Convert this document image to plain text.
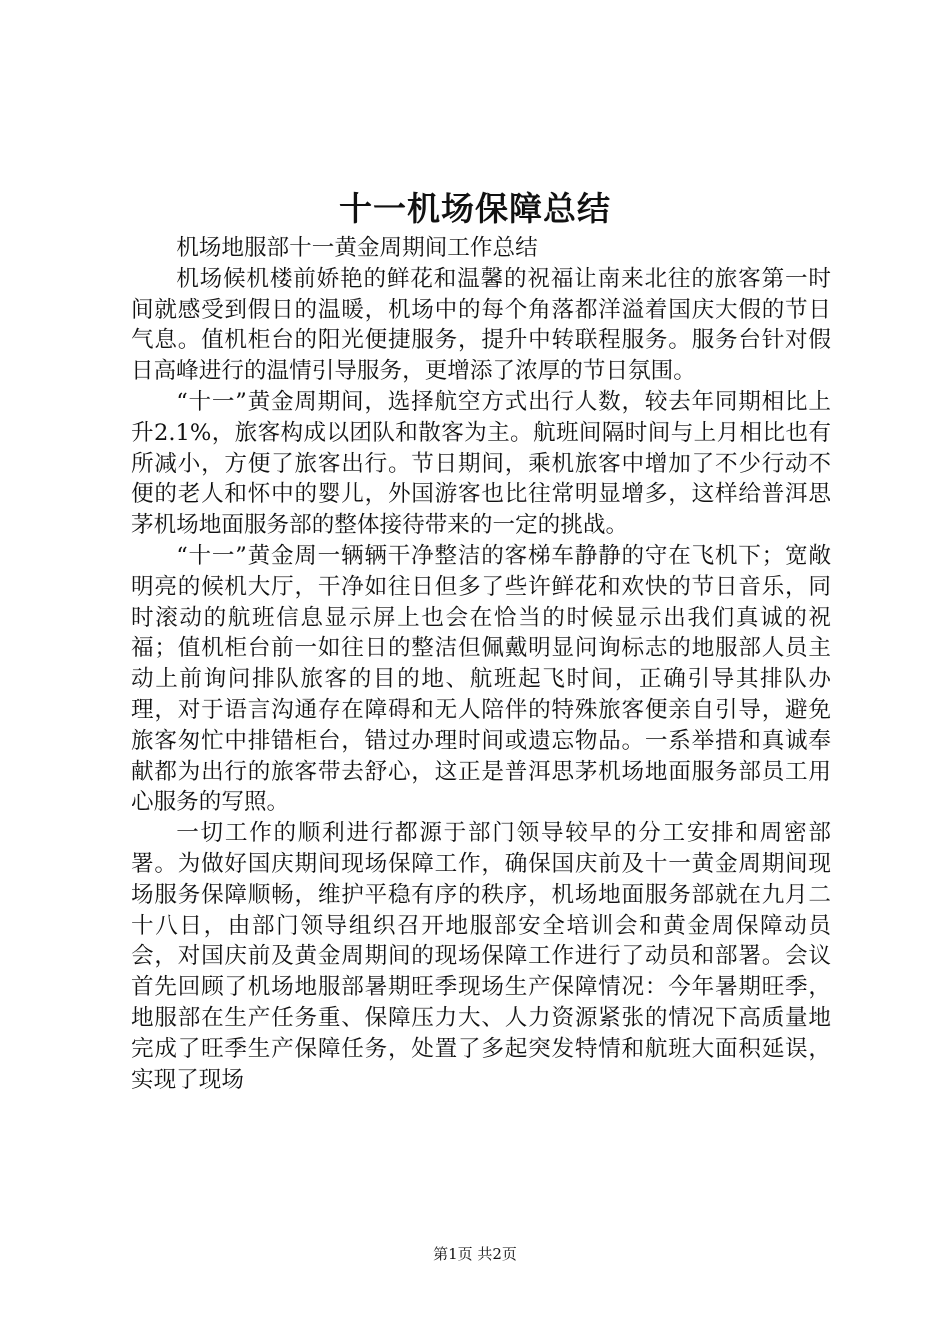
十一机场保障总结

机场地服部十一黄金周期间工作总结

机场候机楼前娇艳的鲜花和温馨的祝福让南来北往的旅客第一时间就感受到假日的温暖，机场中的每个角落都洋溢着国庆大假的节日气息。值机柜台的阳光便捷服务，提升中转联程服务。服务台针对假日高峰进行的温情引导服务，更增添了浓厚的节日氛围。

“十一”黄金周期间，选择航空方式出行人数，较去年同期相比上升2.1%，旅客构成以团队和散客为主。航班间隔时间与上月相比也有所减小，方便了旅客出行。节日期间，乘机旅客中增加了不少行动不便的老人和怀中的婴儿，外国游客也比往常明显增多，这样给普洱思茅机场地面服务部的整体接待带来的一定的挑战。

“十一”黄金周一辆辆干净整洁的客梯车静静的守在飞机下；宽敞明亮的候机大厅，干净如往日但多了些许鲜花和欢快的节日音乐，同时滚动的航班信息显示屏上也会在恰当的时候显示出我们真诚的祝福；值机柜台前一如往日的整洁但佩戴明显问询标志的地服部人员主动上前询问排队旅客的目的地、航班起飞时间，正确引导其排队办理，对于语言沟通存在障碍和无人陪伴的特殊旅客便亲自引导，避免旅客匆忙中排错柜台，错过办理时间或遗忘物品。一系举措和真诚奉献都为出行的旅客带去舒心，这正是普洱思茅机场地面服务部员工用心服务的写照。

一切工作的顺利进行都源于部门领导较早的分工安排和周密部署。为做好国庆期间现场保障工作，确保国庆前及十一黄金周期间现场服务保障顺畅，维护平稳有序的秩序，机场地面服务部就在九月二十八日，由部门领导组织召开地服部安全培训会和黄金周保障动员会，对国庆前及黄金周期间的现场保障工作进行了动员和部署。会议首先回顾了机场地服部暑期旺季现场生产保障情况：今年暑期旺季，地服部在生产任务重、保障压力大、人力资源紧张的情况下高质量地完成了旺季生产保障任务，处置了多起突发特情和航班大面积延误，实现了现场

第1页 共2页
